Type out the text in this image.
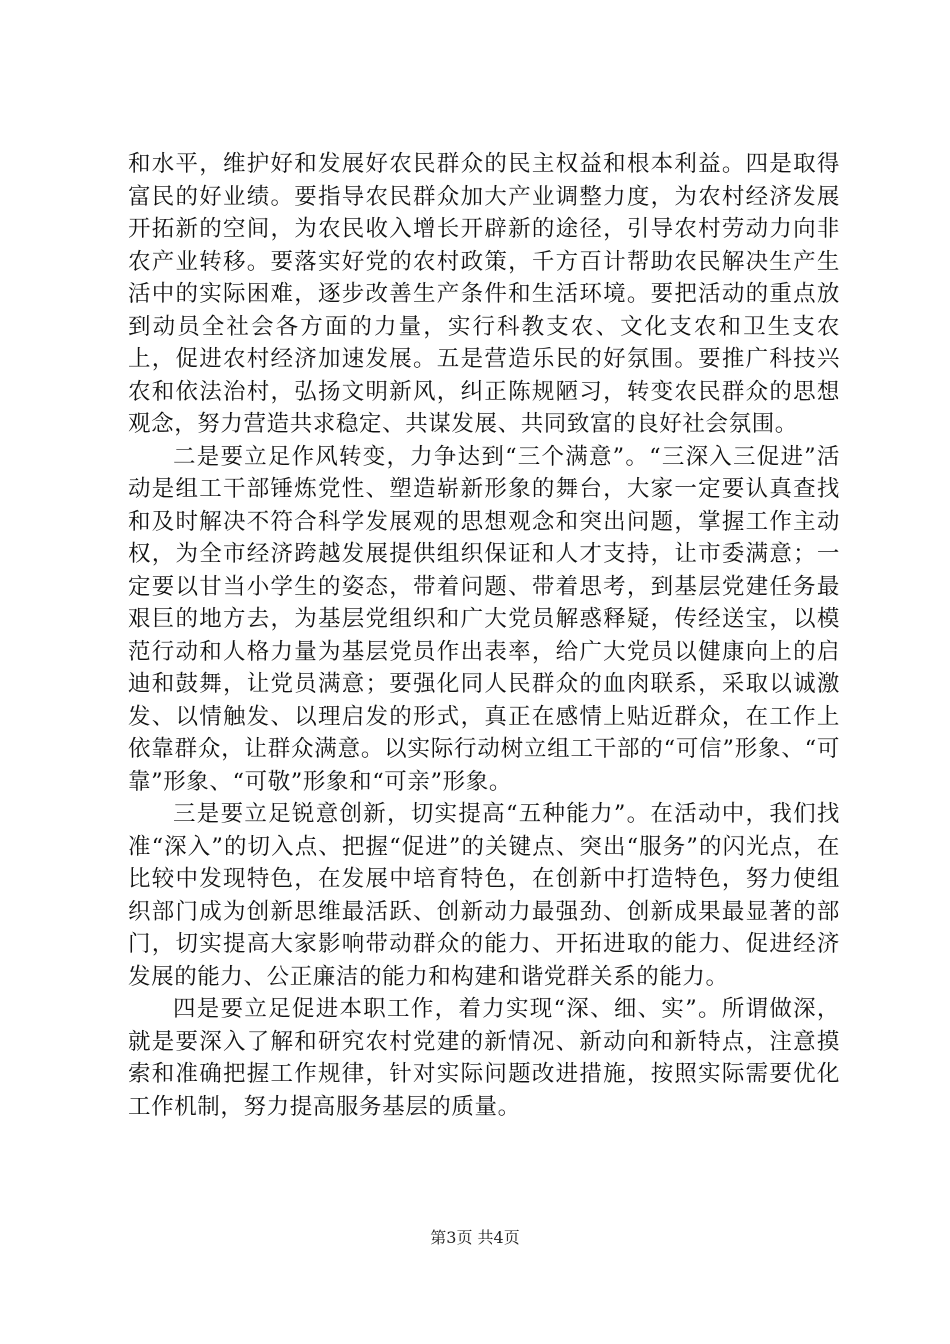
和水平，维护好和发展好农民群众的民主权益和根本利益。四是取得富民的好业绩。要指导农民群众加大产业调整力度，为农村经济发展开拓新的空间，为农民收入增长开辟新的途径，引导农村劳动力向非农产业转移。要落实好党的农村政策，千方百计帮助农民解决生产生活中的实际困难，逐步改善生产条件和生活环境。要把活动的重点放到动员全社会各方面的力量，实行科教支农、文化支农和卫生支农上，促进农村经济加速发展。五是营造乐民的好氛围。要推广科技兴农和依法治村，弘扬文明新风，纠正陈规陋习，转变农民群众的思想观念，努力营造共求稳定、共谋发展、共同致富的良好社会氛围。

二是要立足作风转变，力争达到“三个满意”。“三深入三促进”活动是组工干部锤炼党性、塑造崭新形象的舞台，大家一定要认真查找和及时解决不符合科学发展观的思想观念和突出问题，掌握工作主动权，为全市经济跨越发展提供组织保证和人才支持，让市委满意；一定要以甘当小学生的姿态，带着问题、带着思考，到基层党建任务最艰巨的地方去，为基层党组织和广大党员解惑释疑，传经送宝，以模范行动和人格力量为基层党员作出表率，给广大党员以健康向上的启迪和鼓舞，让党员满意；要强化同人民群众的血肉联系，采取以诚激发、以情触发、以理启发的形式，真正在感情上贴近群众，在工作上依靠群众，让群众满意。以实际行动树立组工干部的“可信”形象、“可靠”形象、“可敬”形象和“可亲”形象。

三是要立足锐意创新，切实提高“五种能力”。在活动中，我们找准“深入”的切入点、把握“促进”的关键点、突出“服务”的闪光点，在比较中发现特色，在发展中培育特色，在创新中打造特色，努力使组织部门成为创新思维最活跃、创新动力最强劲、创新成果最显著的部门，切实提高大家影响带动群众的能力、开拓进取的能力、促进经济发展的能力、公正廉洁的能力和构建和谐党群关系的能力。

四是要立足促进本职工作，着力实现“深、细、实”。所谓做深，就是要深入了解和研究农村党建的新情况、新动向和新特点，注意摸索和准确把握工作规律，针对实际问题改进措施，按照实际需要优化工作机制，努力提高服务基层的质量。

第3页 共4页
